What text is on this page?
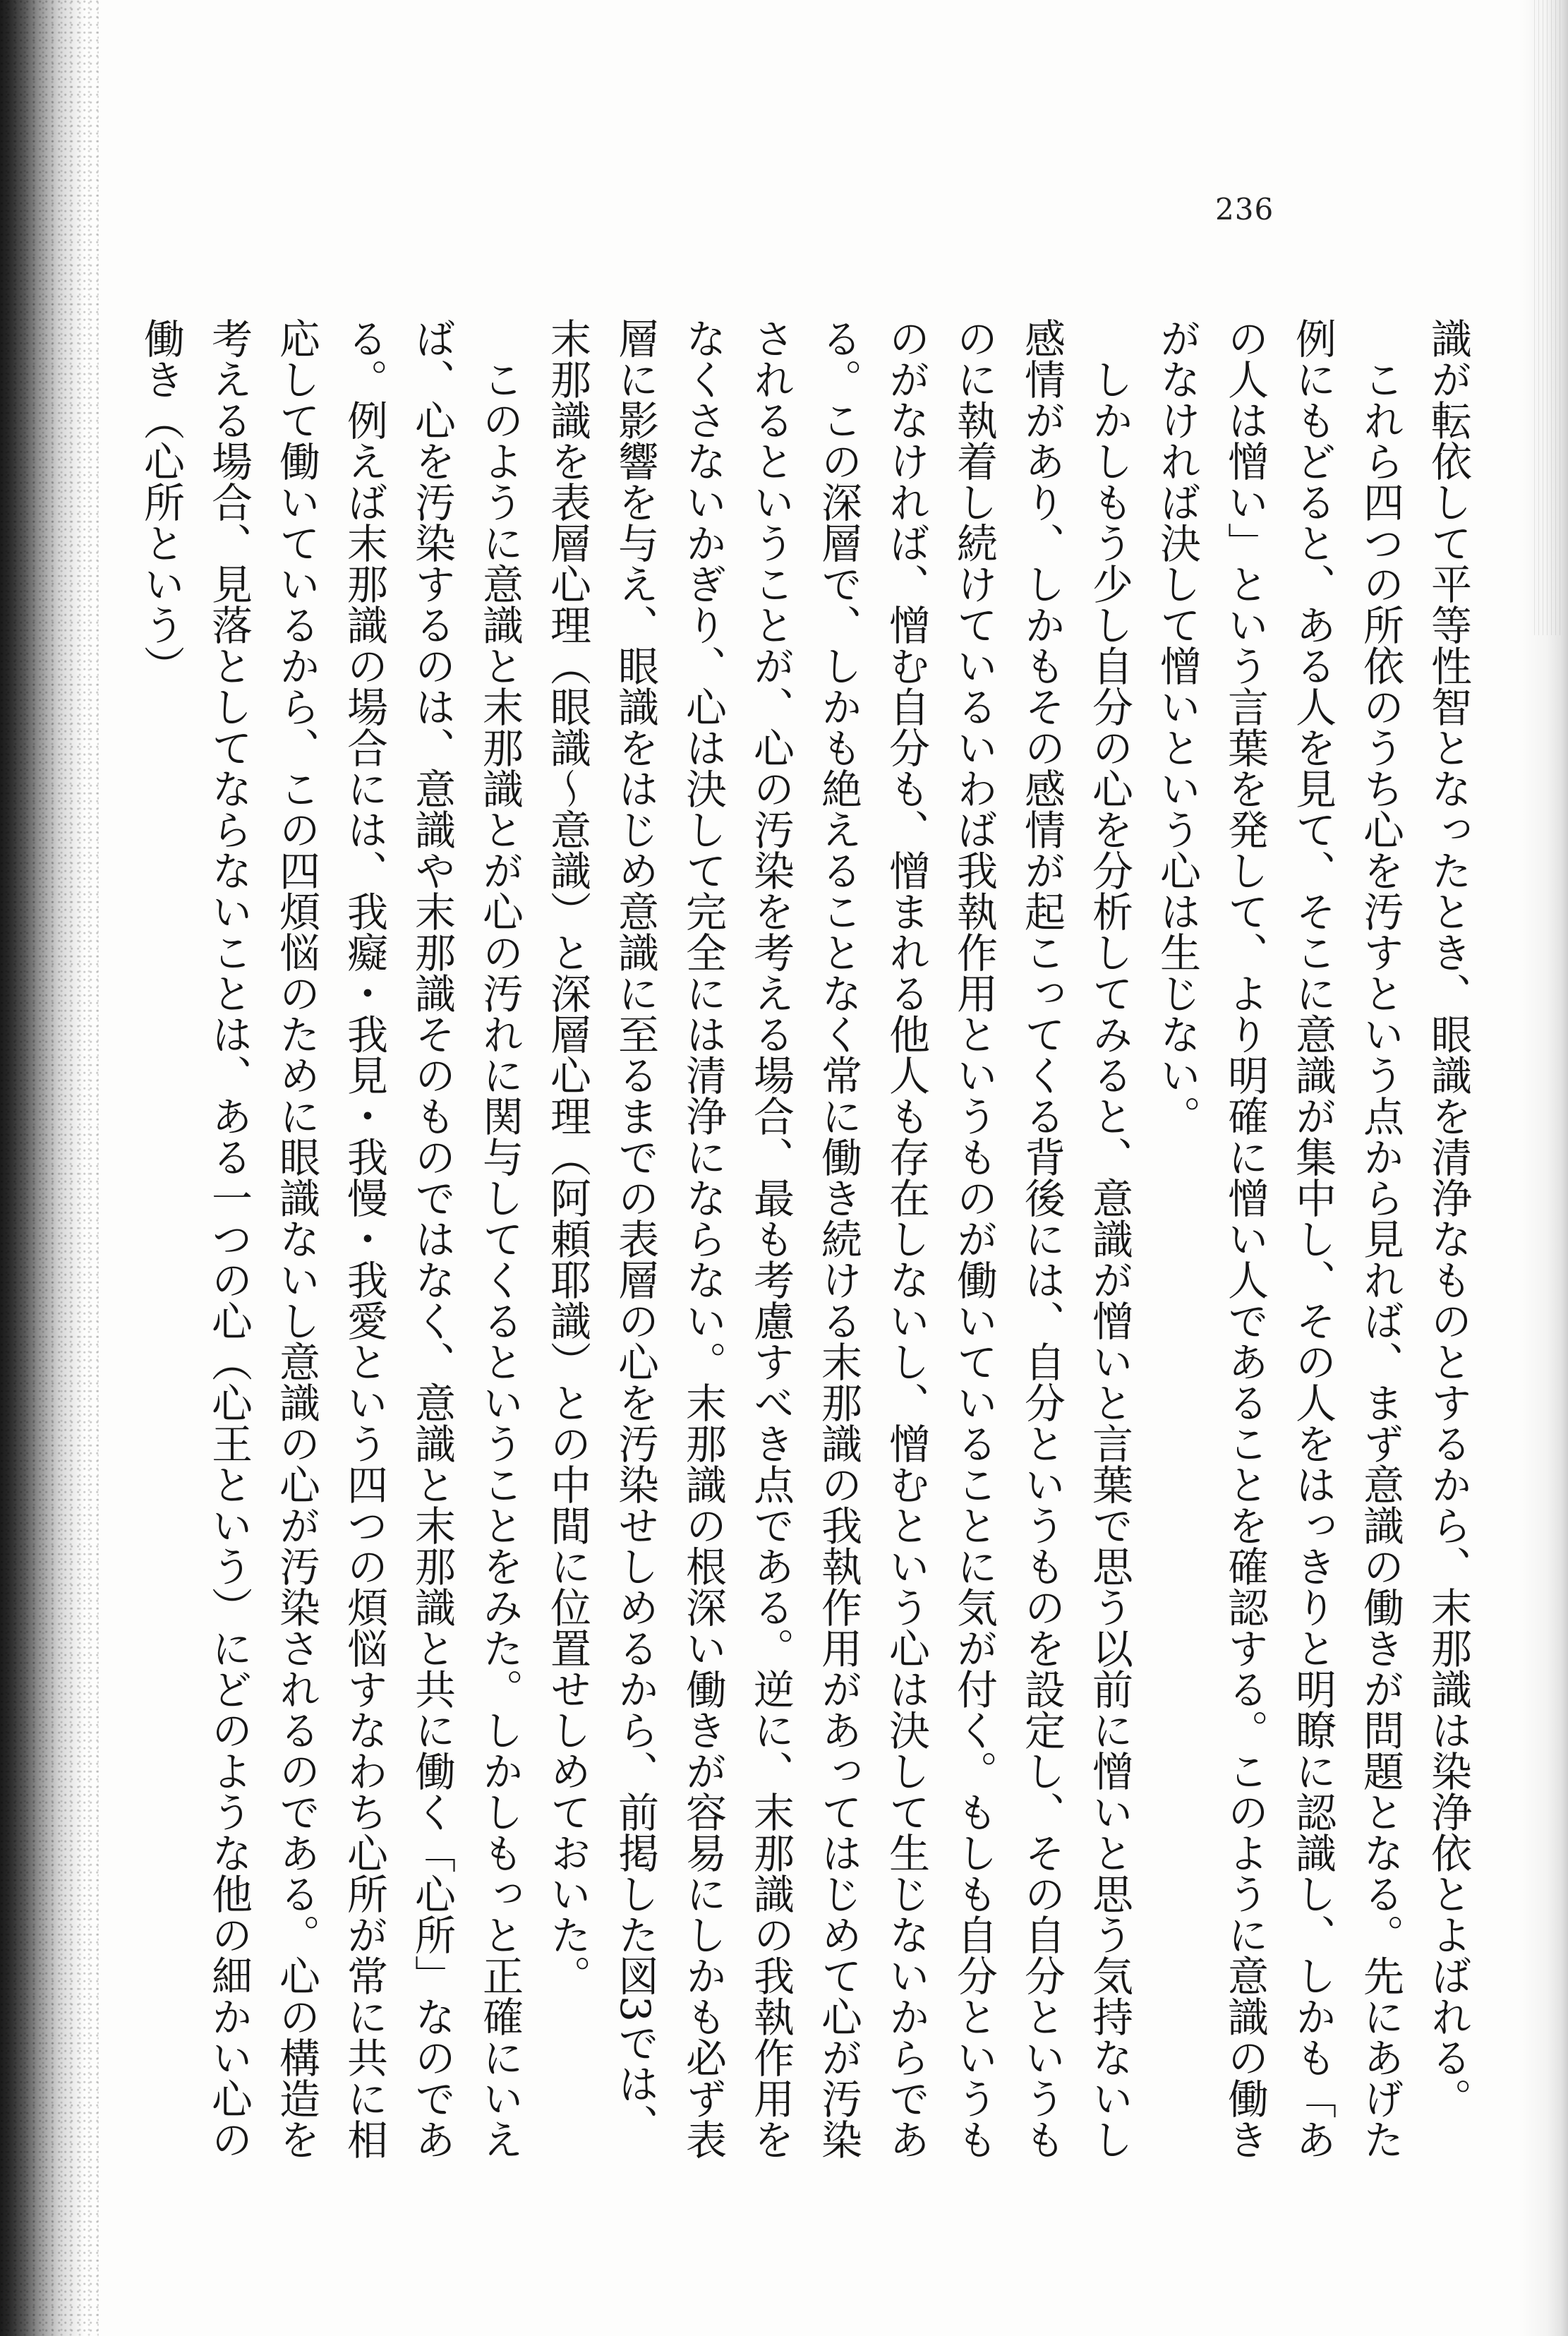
236

識が転依して平等性智となったとき、眼識を清浄なものとするから、末那識は染浄依とよばれる。

　これら四つの所依のうち心を汚すという点から見れば、まず意識の働きが問題となる。先にあげた例にもどると、ある人を見て、そこに意識が集中し、その人をはっきりと明瞭に認識し、しかも「あの人は憎い」という言葉を発して、より明確に憎い人であることを確認する。このように意識の働きがなければ決して憎いという心は生じない。

　しかしもう少し自分の心を分析してみると、意識が憎いと言葉で思う以前に憎いと思う気持ないし感情があり、しかもその感情が起こってくる背後には、自分というものを設定し、その自分というものに執着し続けているいわば我執作用というものが働いていることに気が付く。もしも自分というものがなければ、憎む自分も、憎まれる他人も存在しないし、憎むという心は決して生じないからである。この深層で、しかも絶えることなく常に働き続ける末那識の我執作用があってはじめて心が汚染されるということが、心の汚染を考える場合、最も考慮すべき点である。逆に、末那識の我執作用をなくさないかぎり、心は決して完全には清浄にならない。末那識の根深い働きが容易にしかも必ず表層に影響を与え、眼識をはじめ意識に至るまでの表層の心を汚染せしめるから、前掲した図3では、末那識を表層心理（眼識〜意識）と深層心理（阿頼耶識）との中間に位置せしめておいた。

　このように意識と末那識とが心の汚れに関与してくるということをみた。しかしもっと正確にいえば、心を汚染するのは、意識や末那識そのものではなく、意識と末那識と共に働く「心所」なのである。例えば末那識の場合には、我癡・我見・我慢・我愛という四つの煩悩すなわち心所が常に共に相応して働いているから、この四煩悩のために眼識ないし意識の心が汚染されるのである。心の構造を考える場合、見落としてならないことは、ある一つの心（心王という）にどのような他の細かい心の働き（心所という）
